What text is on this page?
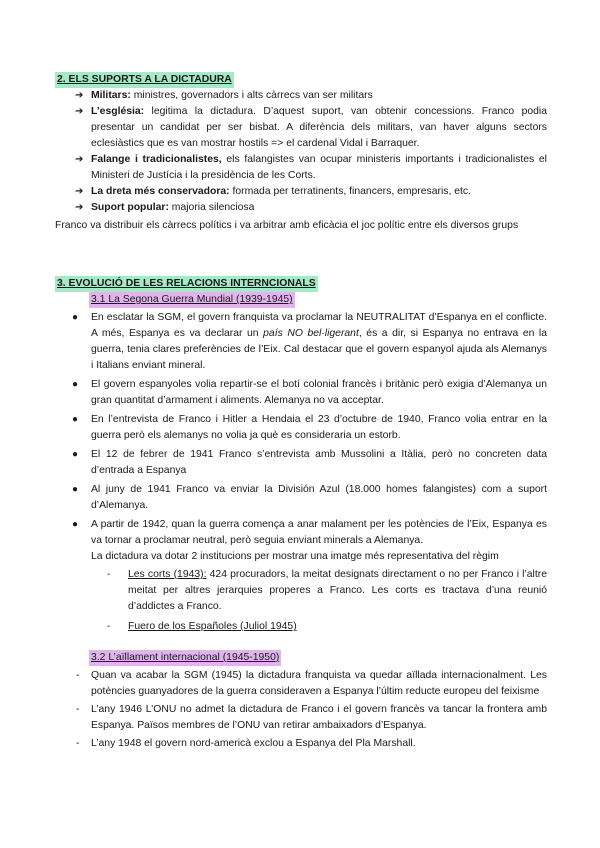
2. ELS SUPORTS A LA DICTADURA
➔ Militars: ministres, governadors i alts càrrecs van ser militars
➔ L’església: legitima la dictadura. D’aquest suport, van obtenir concessions. Franco podia presentar un candidat per ser bisbat. A diferència dels militars, van haver alguns sectors eclesiàstics que es van mostrar hostils => el cardenal Vidal i Barraquer.
➔ Falange i tradicionalistes, els falangistes van ocupar ministeris importants i tradicionalistes el Ministeri de Justícia i la presidència de les Corts.
➔ La dreta més conservadora: formada per terratinents, financers, empresaris, etc.
➔ Suport popular: majoria silenciosa
Franco va distribuir els càrrecs polítics i va arbitrar amb eficàcia el joc polític entre els diversos grups
3. EVOLUCIÓ DE LES RELACIONS INTERNCIONALS
3.1 La Segona Guerra Mundial (1939-1945)
● En esclatar la SGM, el govern franquista va proclamar la NEUTRALITAT d’Espanya en el conflicte. A més, Espanya es va declarar un país NO bel·ligerant, és a dir, si Espanya no entrava en la guerra, tenia clares preferències de l’Eix. Cal destacar que el govern espanyol ajuda als Alemanys i Italians enviant mineral.
● El govern espanyoles volia repartir-se el botí colonial francès i britànic però exigia d’Alemanya un gran quantitat d’armament i aliments. Alemanya no va acceptar.
● En l’entrevista de Franco i Hitler a Hendaia el 23 d’octubre de 1940, Franco volia entrar en la guerra però els alemanys no volia ja què es consideraria un estorb.
● El 12 de febrer de 1941 Franco s’entrevista amb Mussolini a Itàlia, però no concreten data d’entrada a Espanya
● Al juny de 1941 Franco va enviar la División Azul (18.000 homes falangistes) com a suport d’Alemanya.
● A partir de 1942, quan la guerra comença a anar malament per les potències de l’Eix, Espanya es va tornar a proclamar neutral, però seguia enviant minerals a Alemanya.
La dictadura va dotar 2 institucions per mostrar una imatge més representativa del règim
- Les corts (1943): 424 procuradors, la meitat designats directament o no per Franco i l’altre meitat per altres jerarquies properes a Franco. Les corts es tractava d’una reunió d’addictes a Franco.
- Fuero de los Españoles (Juliol 1945)
3.2 L’aïllament internacional (1945-1950)
- Quan va acabar la SGM (1945) la dictadura franquista va quedar aïllada internacionalment. Les potències guanyadores de la guerra consideraven a Espanya l’últim reducte europeu del feixisme
- L’any 1946 L’ONU no admet la dictadura de Franco i el govern francès va tancar la frontera amb Espanya. Països membres de l’ONU van retirar ambaixadors d’Espanya.
- L’any 1948 el govern nord-americà exclou a Espanya del Pla Marshall.
